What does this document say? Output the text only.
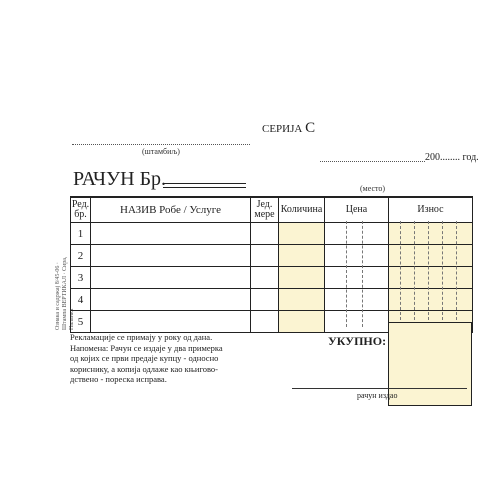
СЕРИЈА С
(штамбиљ)
200........ год.
(место)
РАЧУН Бр.
Ознака и садржај 8/45-06 · Штампа ВЕРТИКАЛ · Сира, Паланка
Ред. бр.	НАЗИВ Робе / Услуге	Јед. мере	Количина	Цена	Износ
1					
2					
3					
4					
5					
УКУПНО:
Рекламације се примају у року од дана.
Напомена: Рачун се издаје у два примерка
од којих се први предаје купцу - односно
кориснику, а копија одлаже као књигово-
дствено - пореска исправа.
рачун издао
